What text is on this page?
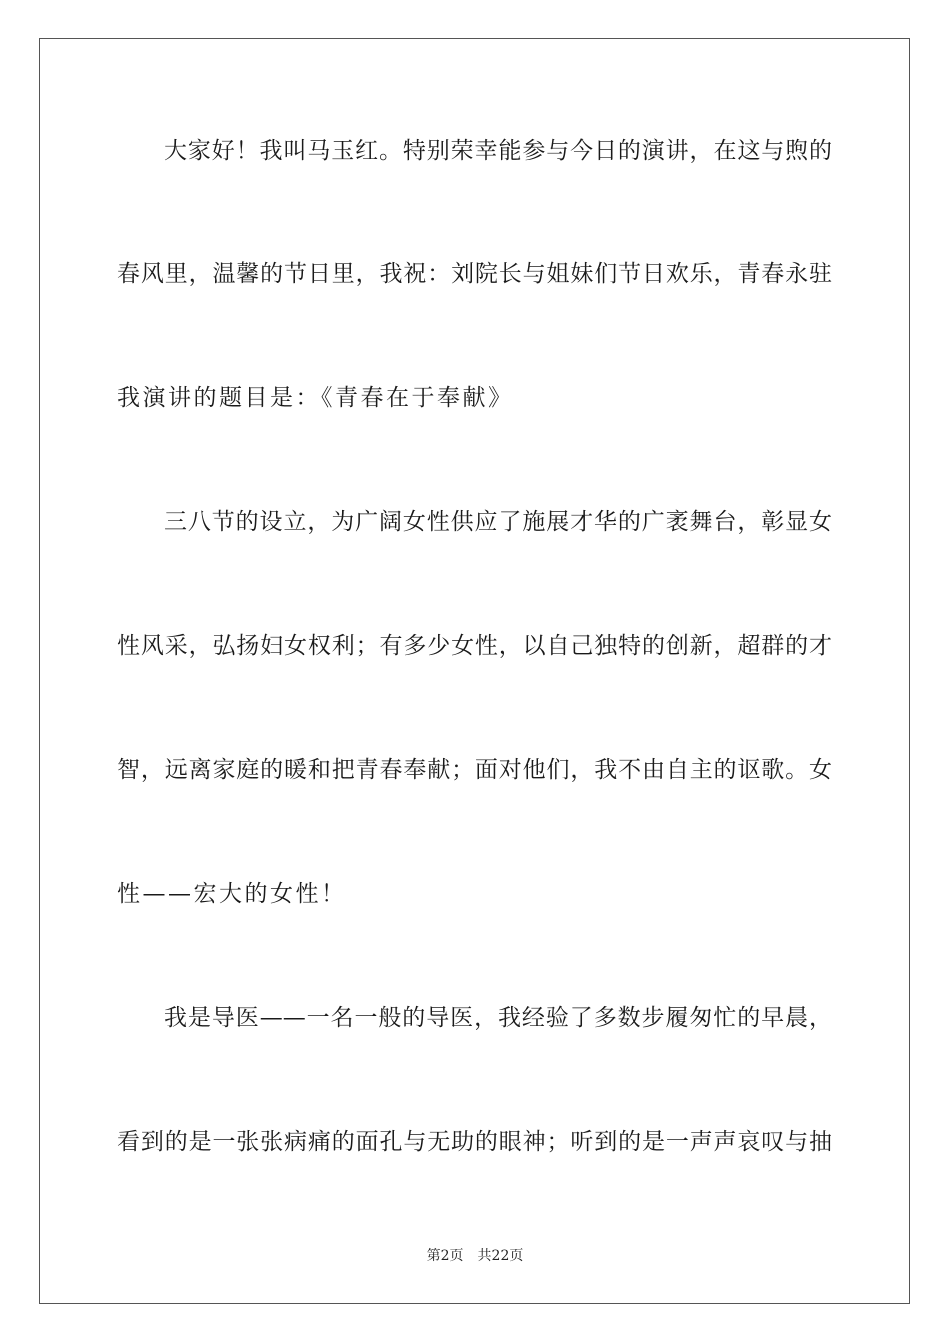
大家好！我叫马玉红。特别荣幸能参与今日的演讲，在这与煦的
春风里，温馨的节日里，我祝：刘院长与姐妹们节日欢乐，青春永驻
我演讲的题目是：《青春在于奉献》
三八节的设立，为广阔女性供应了施展才华的广袤舞台，彰显女
性风采，弘扬妇女权利；有多少女性，以自己独特的创新，超群的才
智，远离家庭的暖和把青春奉献；面对他们，我不由自主的讴歌。女
性——宏大的女性！
我是导医——一名一般的导医，我经验了多数步履匆忙的早晨，
看到的是一张张病痛的面孔与无助的眼神；听到的是一声声哀叹与抽
第2页 共22页
